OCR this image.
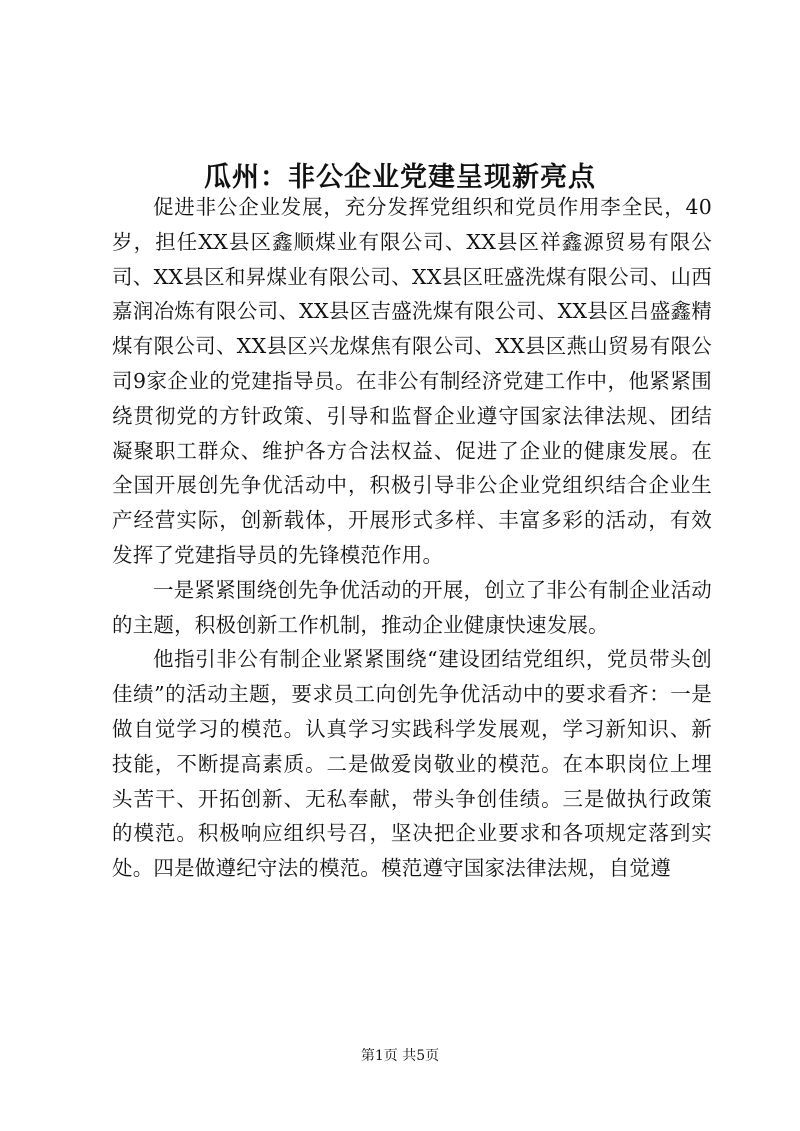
瓜州：非公企业党建呈现新亮点

促进非公企业发展，充分发挥党组织和党员作用李全民，40岁，担任XX县区鑫顺煤业有限公司、XX县区祥鑫源贸易有限公司、XX县区和昇煤业有限公司、XX县区旺盛洗煤有限公司、山西嘉润冶炼有限公司、XX县区吉盛洗煤有限公司、XX县区吕盛鑫精煤有限公司、XX县区兴龙煤焦有限公司、XX县区燕山贸易有限公司9家企业的党建指导员。在非公有制经济党建工作中，他紧紧围绕贯彻党的方针政策、引导和监督企业遵守国家法律法规、团结凝聚职工群众、维护各方合法权益、促进了企业的健康发展。在全国开展创先争优活动中，积极引导非公企业党组织结合企业生产经营实际，创新载体，开展形式多样、丰富多彩的活动，有效发挥了党建指导员的先锋模范作用。

一是紧紧围绕创先争优活动的开展，创立了非公有制企业活动的主题，积极创新工作机制，推动企业健康快速发展。

他指引非公有制企业紧紧围绕“建设团结党组织，党员带头创佳绩”的活动主题，要求员工向创先争优活动中的要求看齐：一是做自觉学习的模范。认真学习实践科学发展观，学习新知识、新技能，不断提高素质。二是做爱岗敬业的模范。在本职岗位上埋头苦干、开拓创新、无私奉献，带头争创佳绩。三是做执行政策的模范。积极响应组织号召，坚决把企业要求和各项规定落到实处。四是做遵纪守法的模范。模范遵守国家法律法规，自觉遵

第1页 共5页
